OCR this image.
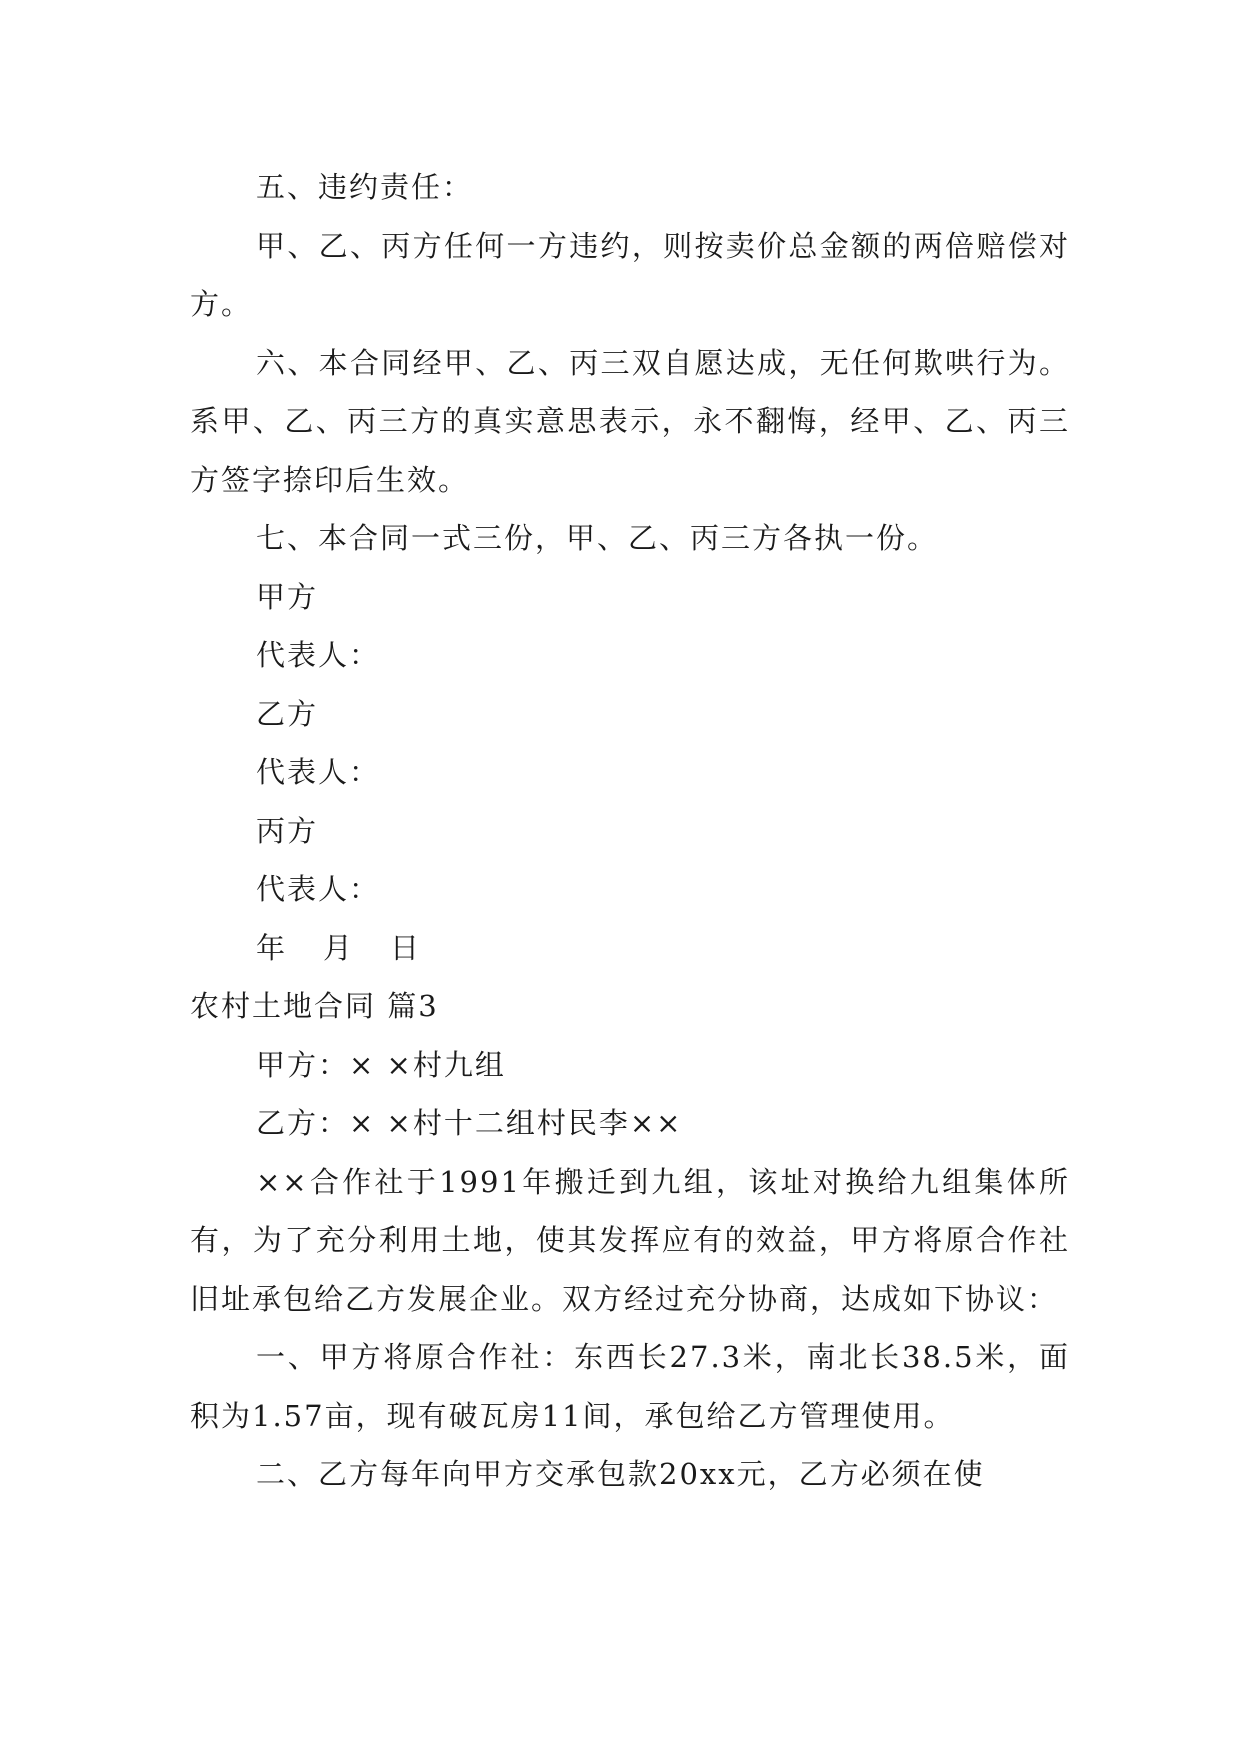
五、违约责任：

甲、乙、丙方任何一方违约，则按卖价总金额的两倍赔偿对方。

六、本合同经甲、乙、丙三双自愿达成，无任何欺哄行为。系甲、乙、丙三方的真实意思表示，永不翻悔，经甲、乙、丙三方签字捺印后生效。

七、本合同一式三份，甲、乙、丙三方各执一份。

甲方

代表人：

乙方

代表人：

丙方

代表人：

年 月 日

农村土地合同 篇3

甲方：× ×村九组

乙方：× ×村十二组村民李××

××合作社于1991年搬迁到九组，该址对换给九组集体所有，为了充分利用土地，使其发挥应有的效益，甲方将原合作社旧址承包给乙方发展企业。双方经过充分协商，达成如下协议：

一、甲方将原合作社：东西长27.3米，南北长38.5米，面积为1.57亩，现有破瓦房11间，承包给乙方管理使用。

二、乙方每年向甲方交承包款20xx元，乙方必须在使
